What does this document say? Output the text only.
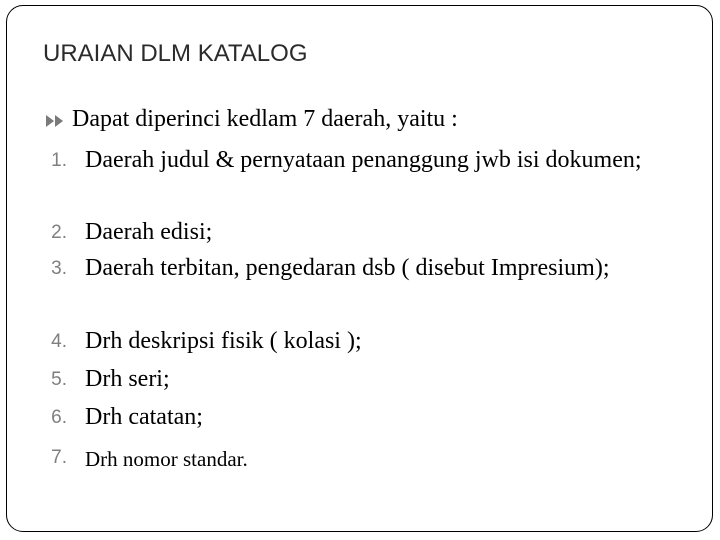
URAIAN DLM KATALOG
Dapat diperinci kedlam 7 daerah, yaitu :
1. Daerah judul & pernyataan penanggung jwb isi dokumen;
2. Daerah edisi;
3. Daerah terbitan, pengedaran dsb ( disebut Impresium);
4. Drh deskripsi fisik ( kolasi );
5. Drh seri;
6. Drh catatan;
7. Drh nomor standar.
